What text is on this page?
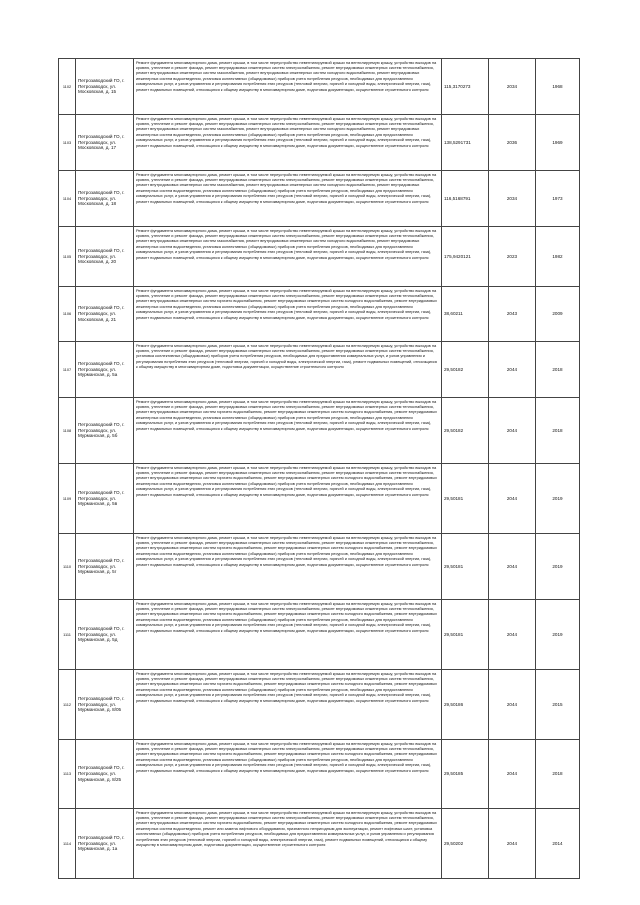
1102	Петрозаводский ГО, г. Петрозаводск, ул. Московская, д. 15	Ремонт фундамента многоквартирного дома, ремонт крыши, в том числе переустройство невентилируемой крыши на вентилируемую крышу, устройство выходов на кровлю, утепление и ремонт фасада, ремонт внутридомовых инженерных систем электроснабжения, ремонт внутридомовых инженерных систем теплоснабжения, ремонт внутридомовых инженерных систем газоснабжения, ремонт внутридомовых инженерных систем холодного водоснабжения, ремонт внутридомовых инженерных систем водоотведения, установка коллективных (общедомовых) приборов учета потребления ресурсов, необходимых для предоставления коммунальных услуг, и узлов управления и регулирования потребления этих ресурсов (тепловой энергии, горячей и холодной воды, электрической энергии, газа), ремонт подвальных помещений, относящихся к общему имуществу в многоквартирном доме, подготовка документации, осуществление строительного контроля	115,3170273	2034	1968
1103	Петрозаводский ГО, г. Петрозаводск, ул. Московская, д. 17	Ремонт фундамента многоквартирного дома, ремонт крыши, в том числе переустройство невентилируемой крыши на вентилируемую крышу, устройство выходов на кровлю, утепление и ремонт фасада, ремонт внутридомовых инженерных систем электроснабжения, ремонт внутридомовых инженерных систем теплоснабжения, ремонт внутридомовых инженерных систем газоснабжения, ремонт внутридомовых инженерных систем холодного водоснабжения, ремонт внутридомовых инженерных систем водоотведения, установка коллективных (общедомовых) приборов учета потребления ресурсов, необходимых для предоставления коммунальных услуг, и узлов управления и регулирования потребления этих ресурсов (тепловой энергии, горячей и холодной воды, электрической энергии, газа), ремонт подвальных помещений, относящихся к общему имуществу в многоквартирном доме, подготовка документации, осуществление строительного контроля	138,5291731	2036	1969
1104	Петрозаводский ГО, г. Петрозаводск, ул. Московская, д. 18	Ремонт фундамента многоквартирного дома, ремонт крыши, в том числе переустройство невентилируемой крыши на вентилируемую крышу, устройство выходов на кровлю, утепление и ремонт фасада, ремонт внутридомовых инженерных систем электроснабжения, ремонт внутридомовых инженерных систем теплоснабжения, ремонт внутридомовых инженерных систем газоснабжения, ремонт внутридомовых инженерных систем холодного водоснабжения, ремонт внутридомовых инженерных систем водоотведения, установка коллективных (общедомовых) приборов учета потребления ресурсов, необходимых для предоставления коммунальных услуг, и узлов управления и регулирования потребления этих ресурсов (тепловой энергии, горячей и холодной воды, электрической энергии, газа), ремонт подвальных помещений, относящихся к общему имуществу в многоквартирном доме, подготовка документации, осуществление строительного контроля	116,5168791	2034	1973
1105	Петрозаводский ГО, г. Петрозаводск, ул. Московская, д. 20	Ремонт фундамента многоквартирного дома, ремонт крыши, в том числе переустройство невентилируемой крыши на вентилируемую крышу, устройство выходов на кровлю, утепление и ремонт фасада, ремонт внутридомовых инженерных систем электроснабжения, ремонт внутридомовых инженерных систем теплоснабжения, ремонт внутридомовых инженерных систем газоснабжения, ремонт внутридомовых инженерных систем холодного водоснабжения, ремонт внутридомовых инженерных систем водоотведения, установка коллективных (общедомовых) приборов учета потребления ресурсов, необходимых для предоставления коммунальных услуг, и узлов управления и регулирования потребления этих ресурсов (тепловой энергии, горячей и холодной воды, электрической энергии, газа), ремонт подвальных помещений, относящихся к общему имуществу в многоквартирном доме, подготовка документации, осуществление строительного контроля	175,9420121	2023	1982
1106	Петрозаводский ГО, г. Петрозаводск, ул. Московская, д. 21	Ремонт фундамента многоквартирного дома, ремонт крыши, в том числе переустройство невентилируемой крыши на вентилируемую крышу, устройство выходов на кровлю, утепление и ремонт фасада, ремонт внутридомовых инженерных систем электроснабжения, ремонт внутридомовых инженерных систем теплоснабжения, ремонт внутридомовых инженерных систем горячего водоснабжения, ремонт внутридомовых инженерных систем холодного водоснабжения, ремонт внутридомовых инженерных систем водоотведения, установка коллективных (общедомовых) приборов учета потребления ресурсов, необходимых для предоставления коммунальных услуг, и узлов управления и регулирования потребления этих ресурсов (тепловой энергии, горячей и холодной воды, электрической энергии, газа), ремонт подвальных помещений, относящихся к общему имуществу в многоквартирном доме, подготовка документации, осуществление строительного контроля	38,60211	2043	2009
1107	Петрозаводский ГО, г. Петрозаводск, ул. Мурманская, д. 5а	Ремонт фундамента многоквартирного дома, ремонт крыши, в том числе переустройство невентилируемой крыши на вентилируемую крышу, устройство выходов на кровлю, утепление и ремонт фасада, ремонт внутридомовых инженерных систем электроснабжения, ремонт внутридомовых инженерных систем теплоснабжения, установка коллективных (общедомовых) приборов учета потребления ресурсов, необходимых для предоставления коммунальных услуг, и узлов управления и регулирования потребления этих ресурсов (тепловой энергии, горячей и холодной воды, электрической энергии, газа), ремонт подвальных помещений, относящихся к общему имуществу в многоквартирном доме, подготовка документации, осуществление строительного контроля	29,50182	2044	2018
1108	Петрозаводский ГО, г. Петрозаводск, ул. Мурманская, д. 5б	Ремонт фундамента многоквартирного дома, ремонт крыши, в том числе переустройство невентилируемой крыши на вентилируемую крышу, устройство выходов на кровлю, утепление и ремонт фасада, ремонт внутридомовых инженерных систем электроснабжения, ремонт внутридомовых инженерных систем теплоснабжения, ремонт внутридомовых инженерных систем горячего водоснабжения, ремонт внутридомовых инженерных систем холодного водоснабжения, ремонт внутридомовых инженерных систем водоотведения, установка коллективных (общедомовых) приборов учета потребления ресурсов, необходимых для предоставления коммунальных услуг, и узлов управления и регулирования потребления этих ресурсов (тепловой энергии, горячей и холодной воды, электрической энергии, газа), ремонт подвальных помещений, относящихся к общему имуществу в многоквартирном доме, подготовка документации, осуществление строительного контроля	29,50182	2044	2018
1109	Петрозаводский ГО, г. Петрозаводск, ул. Мурманская, д. 5в	Ремонт фундамента многоквартирного дома, ремонт крыши, в том числе переустройство невентилируемой крыши на вентилируемую крышу, устройство выходов на кровлю, утепление и ремонт фасада, ремонт внутридомовых инженерных систем электроснабжения, ремонт внутридомовых инженерных систем теплоснабжения, ремонт внутридомовых инженерных систем горячего водоснабжения, ремонт внутридомовых инженерных систем холодного водоснабжения, ремонт внутридомовых инженерных систем водоотведения, установка коллективных (общедомовых) приборов учета потребления ресурсов, необходимых для предоставления коммунальных услуг, и узлов управления и регулирования потребления этих ресурсов (тепловой энергии, горячей и холодной воды, электрической энергии, газа), ремонт подвальных помещений, относящихся к общему имуществу в многоквартирном доме, подготовка документации, осуществление строительного контроля	29,50181	2044	2019
1110	Петрозаводский ГО, г. Петрозаводск, ул. Мурманская, д. 5г	Ремонт фундамента многоквартирного дома, ремонт крыши, в том числе переустройство невентилируемой крыши на вентилируемую крышу, устройство выходов на кровлю, утепление и ремонт фасада, ремонт внутридомовых инженерных систем электроснабжения, ремонт внутридомовых инженерных систем теплоснабжения, ремонт внутридомовых инженерных систем горячего водоснабжения, ремонт внутридомовых инженерных систем холодного водоснабжения, ремонт внутридомовых инженерных систем водоотведения, установка коллективных (общедомовых) приборов учета потребления ресурсов, необходимых для предоставления коммунальных услуг, и узлов управления и регулирования потребления этих ресурсов (тепловой энергии, горячей и холодной воды, электрической энергии, газа), ремонт подвальных помещений, относящихся к общему имуществу в многоквартирном доме, подготовка документации, осуществление строительного контроля	29,50181	2044	2019
1111	Петрозаводский ГО, г. Петрозаводск, ул. Мурманская, д. 5д	Ремонт фундамента многоквартирного дома, ремонт крыши, в том числе переустройство невентилируемой крыши на вентилируемую крышу, устройство выходов на кровлю, утепление и ремонт фасада, ремонт внутридомовых инженерных систем электроснабжения, ремонт внутридомовых инженерных систем теплоснабжения, ремонт внутридомовых инженерных систем горячего водоснабжения, ремонт внутридомовых инженерных систем холодного водоснабжения, ремонт внутридомовых инженерных систем водоотведения, установка коллективных (общедомовых) приборов учета потребления ресурсов, необходимых для предоставления коммунальных услуг, и узлов управления и регулирования потребления этих ресурсов (тепловой энергии, горячей и холодной воды, электрической энергии, газа), ремонт подвальных помещений, относящихся к общему имуществу в многоквартирном доме, подготовка документации, осуществление строительного контроля	29,50181	2044	2019
1112	Петрозаводский ГО, г. Петрозаводск, ул. Мурманская, д. 8/05	Ремонт фундамента многоквартирного дома, ремонт крыши, в том числе переустройство невентилируемой крыши на вентилируемую крышу, устройство выходов на кровлю, утепление и ремонт фасада, ремонт внутридомовых инженерных систем электроснабжения, ремонт внутридомовых инженерных систем теплоснабжения, ремонт внутридомовых инженерных систем горячего водоснабжения, ремонт внутридомовых инженерных систем холодного водоснабжения, ремонт внутридомовых инженерных систем водоотведения, установка коллективных (общедомовых) приборов учета потребления ресурсов, необходимых для предоставления коммунальных услуг, и узлов управления и регулирования потребления этих ресурсов (тепловой энергии, горячей и холодной воды, электрической энергии, газа), ремонт подвальных помещений, относящихся к общему имуществу в многоквартирном доме, подготовка документации, осуществление строительного контроля	29,50186	2044	2015
1113	Петрозаводский ГО, г. Петрозаводск, ул. Мурманская, д. 8/25	Ремонт фундамента многоквартирного дома, ремонт крыши, в том числе переустройство невентилируемой крыши на вентилируемую крышу, устройство выходов на кровлю, утепление и ремонт фасада, ремонт внутридомовых инженерных систем электроснабжения, ремонт внутридомовых инженерных систем теплоснабжения, ремонт внутридомовых инженерных систем горячего водоснабжения, ремонт внутридомовых инженерных систем холодного водоснабжения, ремонт внутридомовых инженерных систем водоотведения, установка коллективных (общедомовых) приборов учета потребления ресурсов, необходимых для предоставления коммунальных услуг, и узлов управления и регулирования потребления этих ресурсов (тепловой энергии, горячей и холодной воды, электрической энергии, газа), ремонт подвальных помещений, относящихся к общему имуществу в многоквартирном доме, подготовка документации, осуществление строительного контроля	29,50185	2044	2018
1114	Петрозаводский ГО, г. Петрозаводск, ул. Мурманская, д. 1а	Ремонт фундамента многоквартирного дома, ремонт крыши, в том числе переустройство невентилируемой крыши на вентилируемую крышу, устройство выходов на кровлю, утепление и ремонт фасада, ремонт внутридомовых инженерных систем электроснабжения, ремонт внутридомовых инженерных систем теплоснабжения, ремонт внутридомовых инженерных систем горячего водоснабжения, ремонт внутридомовых инженерных систем холодного водоснабжения, ремонт внутридомовых инженерных систем водоотведения, ремонт или замена лифтового оборудования, признанного непригодным для эксплуатации, ремонт лифтовых шахт, установка коллективных (общедомовых) приборов учета потребления ресурсов, необходимых для предоставления коммунальных услуг, и узлов управления и регулирования потребления этих ресурсов (тепловой энергии, горячей и холодной воды, электрической энергии, газа), ремонт подвальных помещений, относящихся к общему имуществу в многоквартирном доме, подготовка документации, осуществление строительного контроля	29,50202	2044	2014
